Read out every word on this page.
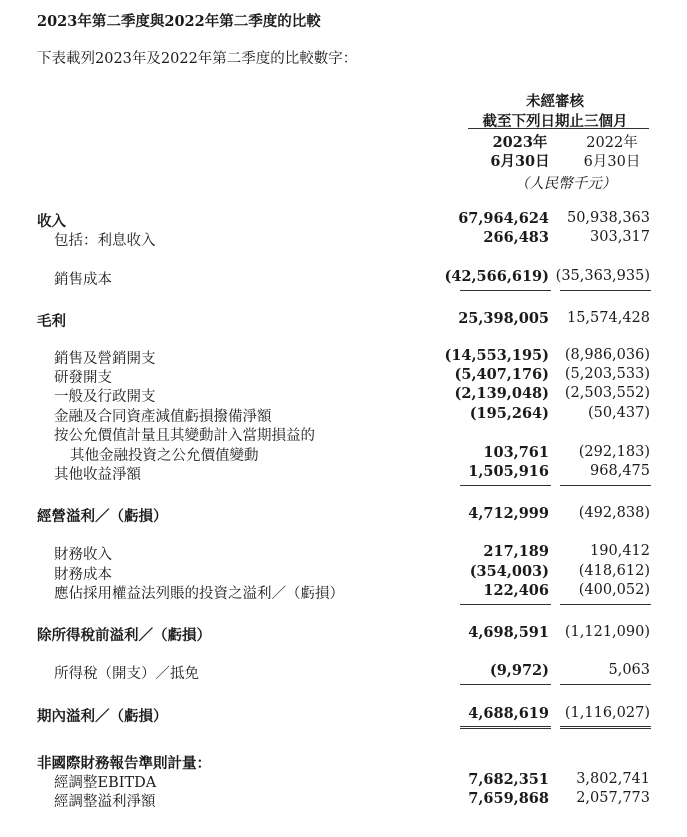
2023年第二季度與2022年第二季度的比較
下表載列2023年及2022年第二季度的比較數字：
未經審核
截至下列日期止三個月
2023年
6月30日
2022年
6月30日
（人民幣千元）
收入	67,964,624	50,938,363
包括：利息收入	266,483	303,317
銷售成本	(42,566,619) (35,363,935)
毛利	25,398,005	15,574,428
銷售及營銷開支	(14,553,195)	(8,986,036)
研發開支	(5,407,176)	(5,203,533)
一般及行政開支	(2,139,048)	(2,503,552)
金融及合同資產減值虧損撥備淨額	(195,264)	(50,437)
按公允價值計量且其變動計入當期損益的
其他金融投資之公允價值變動	103,761	(292,183)
其他收益淨額	1,505,916	968,475
經營溢利／（虧損）	4,712,999	(492,838)
財務收入	217,189	190,412
財務成本	(354,003)	(418,612)
應佔採用權益法列賬的投資之溢利／（虧損）	122,406	(400,052)
除所得稅前溢利／（虧損）	4,698,591	(1,121,090)
所得稅（開支）／抵免	(9,972)	5,063
期內溢利／（虧損）	4,688,619	(1,116,027)
非國際財務報告準則計量：
經調整EBITDA	7,682,351	3,802,741
經調整溢利淨額	7,659,868	2,057,773
